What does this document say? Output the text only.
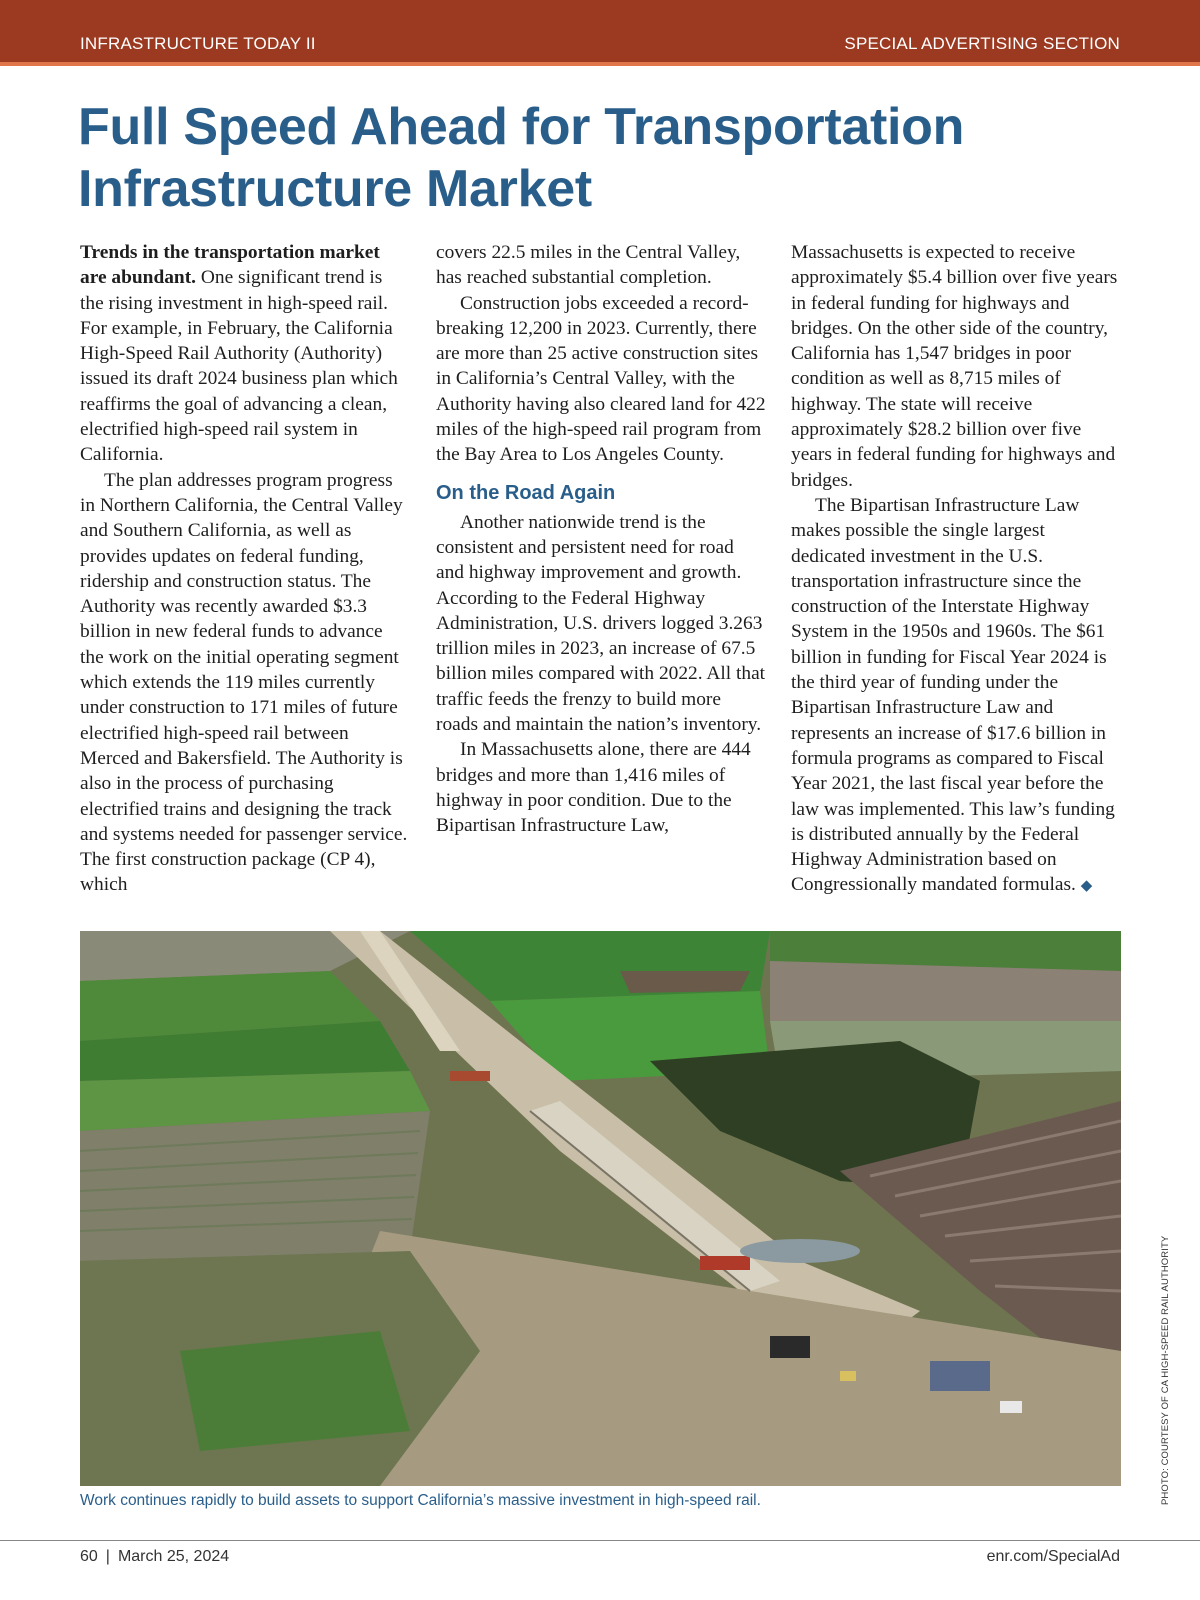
INFRASTRUCTURE TODAY II	SPECIAL ADVERTISING SECTION
Full Speed Ahead for Transportation
Infrastructure Market

Trends in the transportation market are abundant. One significant trend is the rising investment in high-speed rail. For example, in February, the California High-Speed Rail Authority (Authority) issued its draft 2024 business plan which reaffirms the goal of advancing a clean, electrified high-speed rail system in California.

The plan addresses program progress in Northern California, the Central Valley and Southern California, as well as provides updates on federal funding, ridership and construction status. The Authority was recently awarded $3.3 billion in new federal funds to advance the work on the initial operating segment which extends the 119 miles currently under construction to 171 miles of future electrified high-speed rail between Merced and Bakersfield. The Authority is also in the process of purchasing electrified trains and designing the track and systems needed for passenger service. The first construction package (CP 4), which

covers 22.5 miles in the Central Valley, has reached substantial completion.

Construction jobs exceeded a record-breaking 12,200 in 2023. Currently, there are more than 25 active construction sites in California’s Central Valley, with the Authority having also cleared land for 422 miles of the high-speed rail program from the Bay Area to Los Angeles County.

On the Road Again

Another nationwide trend is the consistent and persistent need for road and highway improvement and growth. According to the Federal Highway Administration, U.S. drivers logged 3.263 trillion miles in 2023, an increase of 67.5 billion miles compared with 2022. All that traffic feeds the frenzy to build more roads and maintain the nation’s inventory.

In Massachusetts alone, there are 444 bridges and more than 1,416 miles of highway in poor condition. Due to the Bipartisan Infrastructure Law,

Massachusetts is expected to receive approximately $5.4 billion over five years in federal funding for highways and bridges. On the other side of the country, California has 1,547 bridges in poor condition as well as 8,715 miles of highway. The state will receive approximately $28.2 billion over five years in federal funding for highways and bridges.

The Bipartisan Infrastructure Law makes possible the single largest dedicated investment in the U.S. transportation infrastructure since the construction of the Interstate Highway System in the 1950s and 1960s. The $61 billion in funding for Fiscal Year 2024 is the third year of funding under the Bipartisan Infrastructure Law and represents an increase of $17.6 billion in formula programs as compared to Fiscal Year 2021, the last fiscal year before the law was implemented. This law’s funding is distributed annually by the Federal Highway Administration based on Congressionally mandated formulas. ◆

PHOTO: COURTESY OF CA HIGH-SPEED RAIL AUTHORITY
Work continues rapidly to build assets to support California’s massive investment in high-speed rail.
60 | March 25, 2024	enr.com/SpecialAd
